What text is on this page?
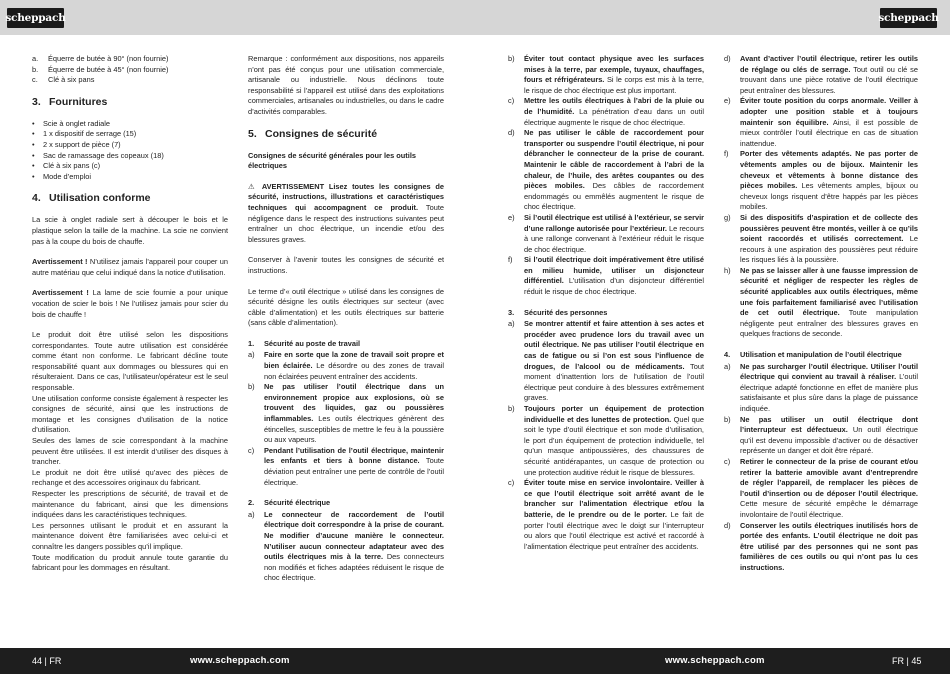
scheppach	scheppach
a.	Équerre de butée à 90° (non fournie)
b.	Équerre de butée à 45° (non fournie)
c.	Clé à six pans
3. Fournitures
• Scie à onglet radiale
• 1 x dispositif de serrage (15)
• 2 x support de pièce (7)
• Sac de ramassage des copeaux (18)
• Clé à six pans (c)
• Mode d’emploi
4. Utilisation conforme

La scie à onglet radiale sert à découper le bois et le plastique selon la taille de la machine. La scie ne convient pas à la coupe du bois de chauffe.

Avertissement ! N’utilisez jamais l’appareil pour couper un autre matériau que celui indiqué dans la notice d’utilisation.

Avertissement ! La lame de scie fournie a pour unique vocation de scier le bois ! Ne l’utilisez jamais pour scier du bois de chauffe !

Le produit doit être utilisé selon les dispositions correspondantes. Toute autre utilisation est considérée comme étant non conforme. Le fabricant décline toute responsabilité quant aux dommages ou blessures qui en résulteraient. Dans ce cas, l’utilisateur/opérateur est le seul responsable.
Une utilisation conforme consiste également à respecter les consignes de sécurité, ainsi que les instructions de montage et les consignes d’utilisation de la notice d’utilisation.
Seules des lames de scie correspondant à la machine peuvent être utilisées. Il est interdit d’utiliser des disques à trancher.
Le produit ne doit être utilisé qu’avec des pièces de rechange et des accessoires originaux du fabricant.
Respecter les prescriptions de sécurité, de travail et de maintenance du fabricant, ainsi que les dimensions indiquées dans les caractéristiques techniques.
Les personnes utilisant le produit et en assurant la maintenance doivent être familiarisées avec celui-ci et connaître les dangers possibles qu’il implique.
Toute modification du produit annule toute garantie du fabricant pour les dommages en résultant.

Remarque : conformément aux dispositions, nos appareils n’ont pas été conçus pour une utilisation commerciale, artisanale ou industrielle. Nous déclinons toute responsabilité si l’appareil est utilisé dans des exploitations commerciales, artisanales ou industrielles, ou dans le cadre d’activités comparables.

5. Consignes de sécurité

Consignes de sécurité générales pour les outils électriques

⚠ AVERTISSEMENT Lisez toutes les consignes de sécurité, instructions, illustrations et caractéristiques techniques qui accompagnent ce produit. Toute négligence dans le respect des instructions suivantes peut entraîner un choc électrique, un incendie et/ou des blessures graves.

Conserver à l’avenir toutes les consignes de sécurité et instructions.

Le terme d’« outil électrique » utilisé dans les consignes de sécurité désigne les outils électriques sur secteur (avec câble d’alimentation) et les outils électriques sur batterie (sans câble d’alimentation).

1. Sécurité au poste de travail
a)	Faire en sorte que la zone de travail soit propre et bien éclairée. Le désordre ou des zones de travail non éclairées peuvent entraîner des accidents.
b)	Ne pas utiliser l’outil électrique dans un environnement propice aux explosions, où se trouvent des liquides, gaz ou poussières inflammables. Les outils électriques génèrent des étincelles, susceptibles de mettre le feu à la poussière ou aux vapeurs.
c)	Pendant l’utilisation de l’outil électrique, maintenir les enfants et tiers à bonne distance. Toute déviation peut entraîner une perte de contrôle de l’outil électrique.
2. Sécurité électrique
a)	Le connecteur de raccordement de l’outil électrique doit correspondre à la prise de courant. Ne modifier d’aucune manière le connecteur. N’utiliser aucun connecteur adaptateur avec des outils électriques mis à la terre. Des connecteurs non modifiés et fiches adaptées réduisent le risque de choc électrique.
b)	Éviter tout contact physique avec les surfaces mises à la terre, par exemple, tuyaux, chauffages, fours et réfrigérateurs. Si le corps est mis à la terre, le risque de choc électrique est plus important.
c)	Mettre les outils électriques à l’abri de la pluie ou de l’humidité. La pénétration d’eau dans un outil électrique augmente le risque de choc électrique.
d)	Ne pas utiliser le câble de raccordement pour transporter ou suspendre l’outil électrique, ni pour débrancher le connecteur de la prise de courant. Maintenir le câble de raccordement à l’abri de la chaleur, de l’huile, des arêtes coupantes ou des pièces mobiles. Des câbles de raccordement endommagés ou emmêlés augmentent le risque de choc électrique.
e)	Si l’outil électrique est utilisé à l’extérieur, se servir d’une rallonge autorisée pour l’extérieur. Le recours à une rallonge convenant à l’extérieur réduit le risque de choc électrique.
f)	Si l’outil électrique doit impérativement être utilisé en milieu humide, utiliser un disjoncteur différentiel. L’utilisation d’un disjoncteur différentiel réduit le risque de choc électrique.
3. Sécurité des personnes
a)	Se montrer attentif et faire attention à ses actes et procéder avec prudence lors du travail avec un outil électrique. Ne pas utiliser l’outil électrique en cas de fatigue ou si l’on est sous l’influence de drogues, de l’alcool ou de médicaments. Tout moment d’inattention lors de l’utilisation de l’outil électrique peut conduire à des blessures extrêmement graves.
b)	Toujours porter un équipement de protection individuelle et des lunettes de protection. Quel que soit le type d’outil électrique et son mode d’utilisation, le port d’un équipement de protection individuelle, tel qu’un masque antipoussières, des chaussures de sécurité antidérapantes, un casque de protection ou une protection auditive réduit le risque de blessures.
c)	Éviter toute mise en service involontaire. Veiller à ce que l’outil électrique soit arrêté avant de le brancher sur l’alimentation électrique et/ou la batterie, de le prendre ou de le porter. Le fait de porter l’outil électrique avec le doigt sur l’interrupteur ou alors que l’outil électrique est activé et raccordé à l’alimentation électrique peut entraîner des accidents.
d)	Avant d’activer l’outil électrique, retirer les outils de réglage ou clés de serrage. Tout outil ou clé se trouvant dans une pièce rotative de l’outil électrique peut entraîner des blessures.
e)	Éviter toute position du corps anormale. Veiller à adopter une position stable et à toujours maintenir son équilibre. Ainsi, il est possible de mieux contrôler l’outil électrique en cas de situation inattendue.
f)	Porter des vêtements adaptés. Ne pas porter de vêtements amples ou de bijoux. Maintenir les cheveux et vêtements à bonne distance des pièces mobiles. Les vêtements amples, bijoux ou cheveux longs risquent d’être happés par les pièces mobiles.
g)	Si des dispositifs d’aspiration et de collecte des poussières peuvent être montés, veiller à ce qu’ils soient raccordés et utilisés correctement. Le recours à une aspiration des poussières peut réduire les risques liés à la poussière.
h)	Ne pas se laisser aller à une fausse impression de sécurité et négliger de respecter les règles de sécurité applicables aux outils électriques, même une fois parfaitement familiarisé avec l’utilisation de cet outil électrique. Toute manipulation négligente peut entraîner des blessures graves en quelques fractions de seconde.
4. Utilisation et manipulation de l’outil électrique
a)	Ne pas surcharger l’outil électrique. Utiliser l’outil électrique qui convient au travail à réaliser. L’outil électrique adapté fonctionne en effet de manière plus satisfaisante et plus sûre dans la plage de puissance indiquée.
b)	Ne pas utiliser un outil électrique dont l’interrupteur est défectueux. Un outil électrique qu’il est devenu impossible d’activer ou de désactiver représente un danger et doit être réparé.
c)	Retirer le connecteur de la prise de courant et/ou retirer la batterie amovible avant d’entreprendre de régler l’appareil, de remplacer les pièces de l’outil d’insertion ou de déposer l’outil électrique. Cette mesure de sécurité empêche le démarrage involontaire de l’outil électrique.
d)	Conserver les outils électriques inutilisés hors de portée des enfants. L’outil électrique ne doit pas être utilisé par des personnes qui ne sont pas familières de ces outils ou qui n’ont pas lu ces instructions.
44 | FR	www.scheppach.com	www.scheppach.com	FR | 45
